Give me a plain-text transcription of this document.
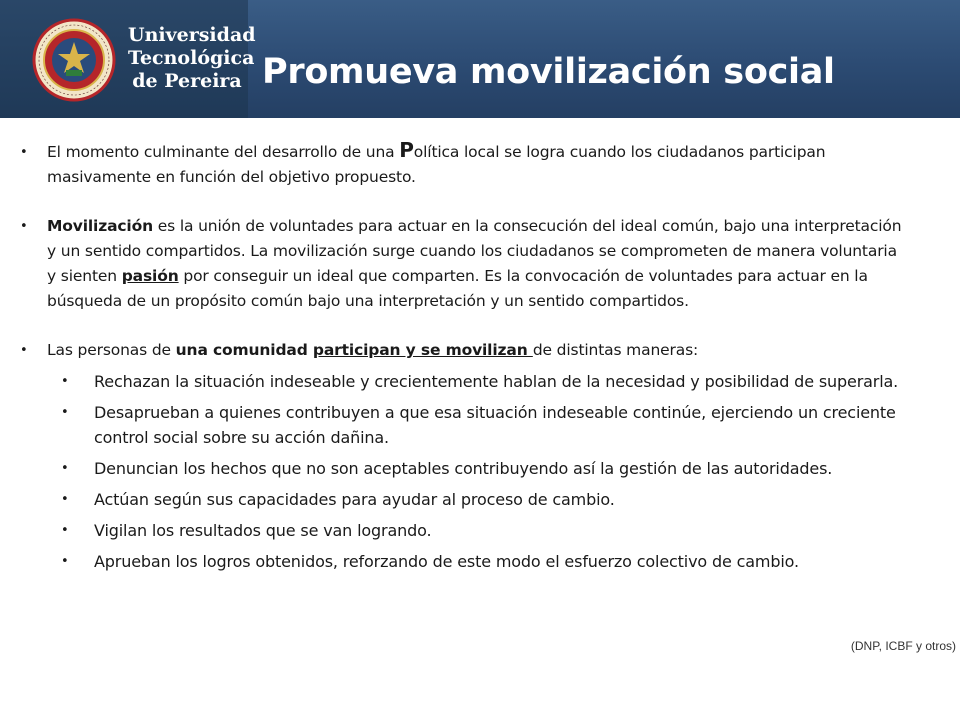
Universidad
Tecnológica
de Pereira Promueva movilización social
• El momento culminante del desarrollo de una Política local se logra cuando los ciudadanos participan masivamente en función del objetivo propuesto.
• Movilización es la unión de voluntades para actuar en la consecución del ideal común, bajo una interpretación y un sentido compartidos. La movilización surge cuando los ciudadanos se comprometen de manera voluntaria y sienten pasión por conseguir un ideal que comparten. Es la convocación de voluntades para actuar en la búsqueda de un propósito común bajo una interpretación y un sentido compartidos.
• Las personas de una comunidad participan y se movilizan de distintas maneras:
• Rechazan la situación indeseable y crecientemente hablan de la necesidad y posibilidad de superarla.
• Desaprueban a quienes contribuyen a que esa situación indeseable continúe, ejerciendo un creciente control social sobre su acción dañina.
• Denuncian los hechos que no son aceptables contribuyendo así la gestión de las autoridades.
• Actúan según sus capacidades para ayudar al proceso de cambio.
• Vigilan los resultados que se van logrando.
• Aprueban los logros obtenidos, reforzando de este modo el esfuerzo colectivo de cambio.
(DNP, ICBF y otros)
